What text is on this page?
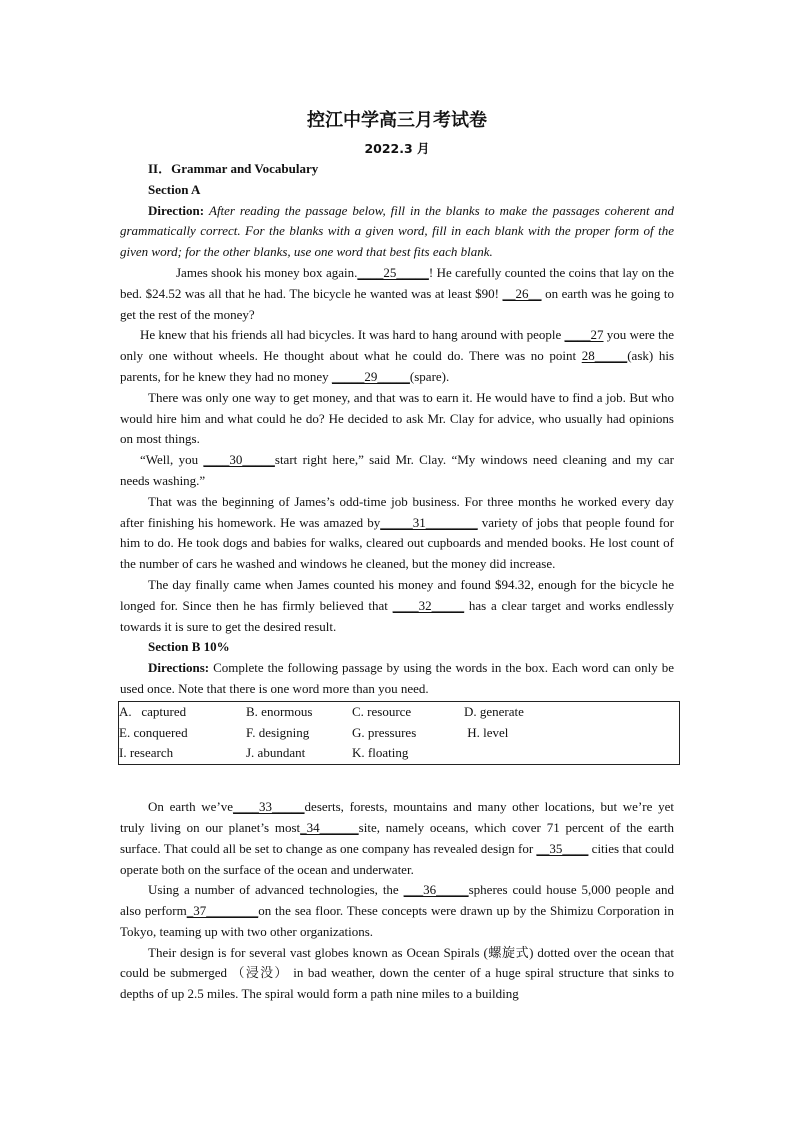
控江中学高三月考试卷
2022.3 月

II．Grammar and Vocabulary

Section A

Direction: After reading the passage below, fill in the blanks to make the passages coherent and grammatically correct. For the blanks with a given word, fill in each blank with the proper form of the given word; for the other blanks, use one word that best fits each blank.

James shook his money box again.____25_____! He carefully counted the coins that lay on the bed. $24.52 was all that he had. The bicycle he wanted was at least $90! __26__ on earth was he going to get the rest of the money?

He knew that his friends all had bicycles. It was hard to hang around with people ____27 you were the only one without wheels. He thought about what he could do. There was no point 28_____(ask) his parents, for he knew they had no money _____29_____(spare).

There was only one way to get money, and that was to earn it. He would have to find a job. But who would hire him and what could he do? He decided to ask Mr. Clay for advice, who usually had opinions on most things.

“Well, you ____30_____start right here,” said Mr. Clay. “My windows need cleaning and my car needs washing.”

That was the beginning of James’s odd-time job business. For three months he worked every day after finishing his homework. He was amazed by_____31________ variety of jobs that people found for him to do. He took dogs and babies for walks, cleared out cupboards and mended books. He lost count of the number of cars he washed and windows he cleaned, but the money did increase.

The day finally came when James counted his money and found $94.32, enough for the bicycle he longed for. Since then he has firmly believed that ____32_____ has a clear target and works endlessly towards it is sure to get the desired result.

Section B 10%

Directions: Complete the following passage by using the words in the box. Each word can only be used once. Note that there is one word more than you need.

A.   captured	B. enormous	C. resource	D. generate
E. conquered	F. designing	G. pressures	H. level
I. research	J. abundant	K. floating

On earth we’ve____33_____deserts, forests, mountains and many other locations, but we’re yet truly living on our planet’s most_34______site, namely oceans, which cover 71 percent of the earth surface. That could all be set to change as one company has revealed design for __35____ cities that could operate both on the surface of the ocean and underwater.

Using a number of advanced technologies, the ___36_____spheres could house 5,000 people and also perform_37________on the sea floor. These concepts were drawn up by the Shimizu Corporation in Tokyo, teaming up with two other organizations.

Their design is for several vast globes known as Ocean Spirals (螺旋式) dotted over the ocean that could be submerged （浸没） in bad weather, down the center of a huge spiral structure that sinks to depths of up 2.5 miles. The spiral would form a path nine miles to a building
